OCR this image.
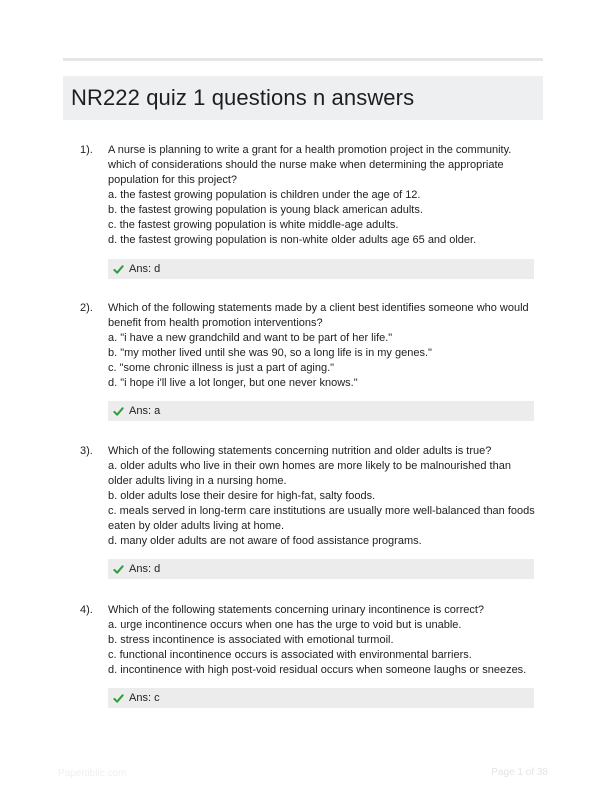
NR222 quiz 1 questions n answers
1). A nurse is planning to write a grant for a health promotion project in the community. which of considerations should the nurse make when determining the appropriate population for this project?
a. the fastest growing population is children under the age of 12.
b. the fastest growing population is young black american adults.
c. the fastest growing population is white middle-age adults.
d. the fastest growing population is non-white older adults age 65 and older.
Ans: d
2). Which of the following statements made by a client best identifies someone who would benefit from health promotion interventions?
a. "i have a new grandchild and want to be part of her life."
b. "my mother lived until she was 90, so a long life is in my genes."
c. "some chronic illness is just a part of aging."
d. "i hope i'll live a lot longer, but one never knows."
Ans: a
3). Which of the following statements concerning nutrition and older adults is true?
a. older adults who live in their own homes are more likely to be malnourished than older adults living in a nursing home.
b. older adults lose their desire for high-fat, salty foods.
c. meals served in long-term care institutions are usually more well-balanced than foods eaten by older adults living at home.
d. many older adults are not aware of food assistance programs.
Ans: d
4). Which of the following statements concerning urinary incontinence is correct?
a. urge incontinence occurs when one has the urge to void but is unable.
b. stress incontinence is associated with emotional turmoil.
c. functional incontinence occurs is associated with environmental barriers.
d. incontinence with high post-void residual occurs when someone laughs or sneezes.
Ans: c
Papertiblic.com	Page 1 of 38
